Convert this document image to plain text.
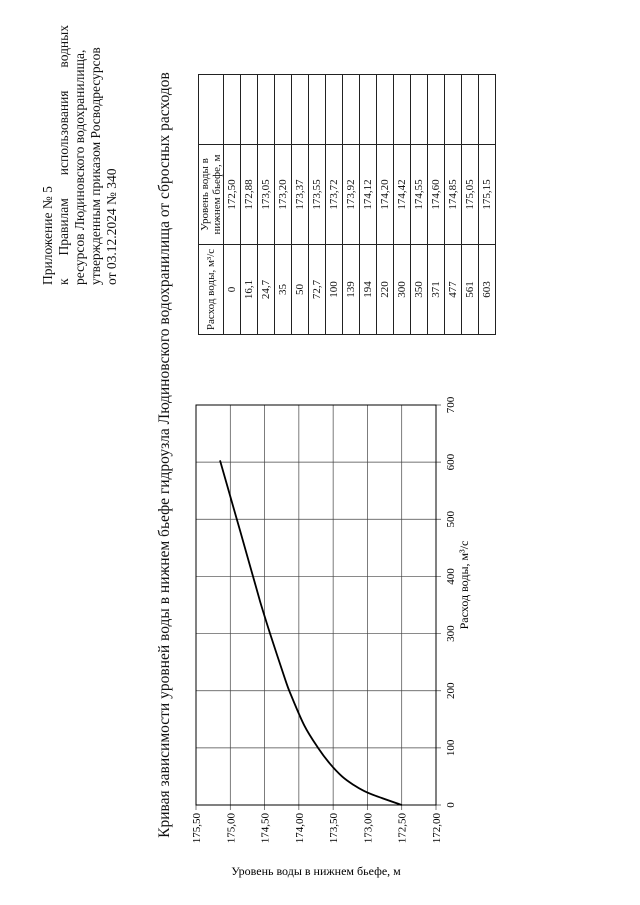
Приложение № 5 к
Правилам
использования
водных
ресурсов Людиновского водохранилища, утвержденным приказом Росводресурсов от 03.12.2024 № 340 Кривая зависимости уровней воды в нижнем бьефе гидроузла Людиновского водохранилища от сбросных расходов	0
100
200
300
400
500
600
700
172,00
172,50
173,00
173,50
174,00
174,50
175,00
175,50
Расход воды, м³/с
Уровень воды в нижнем бьефе, м
Расход воды, м³/с	Уровень воды в нижнем бьефе, м	
0	172,50	
16,1	172,88	
24,7	173,05	
35	173,20	
50	173,37	
72,7	173,55	
100	173,72	
139	173,92	
194	174,12	
220	174,20	
300	174,42	
350	174,55	
371	174,60	
477	174,85	
561	175,05	
603	175,15	
